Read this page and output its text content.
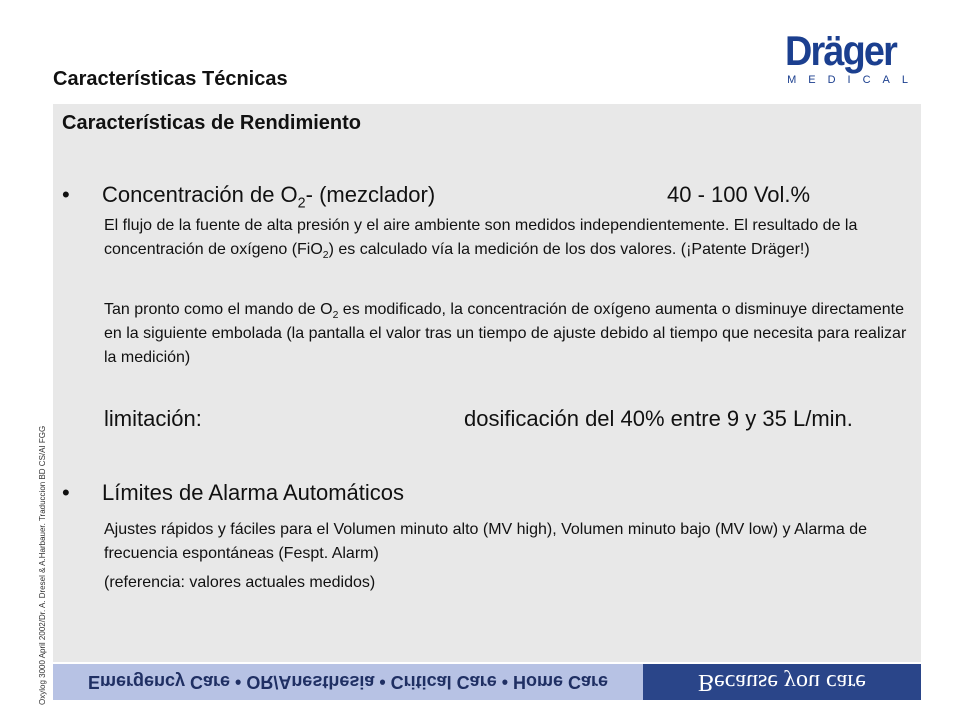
Dräger
MEDICAL
Características Técnicas
Características de Rendimiento
• Concentración de $O_2-$ (mezclador)	40 - 100 Vol.%
El flujo de la fuente de alta presión y el aire ambiente son medidos independientemente. El resultado de la concentración de oxígeno (FiO$_2$) es calculado vía la medición de los dos valores. (¡Patente Dräger!)
Tan pronto como el mando de $O_2$ es modificado, la concentración de oxígeno aumenta o disminuye directamente en la siguiente embolada (la pantalla el valor tras un tiempo de ajuste debido al tiempo que necesita para realizar la medición)
limitación:	dosificación del 40% entre 9 y 35 L/min.
• Límites de Alarma Automáticos
Ajustes rápidos y fáciles para el Volumen minuto alto (MV high), Volumen minuto bajo (MV low) y Alarma de frecuencia espontáneas (Fespt. Alarm)
(referencia: valores actuales medidos)
Emergency Care • OR/Anesthesia • Critical Care • Home Care	Because you care
Oxylog 3000 April 2002/Dr. A. Dresel & A.Harbauer. Traduccion BD CS/AI FGG
